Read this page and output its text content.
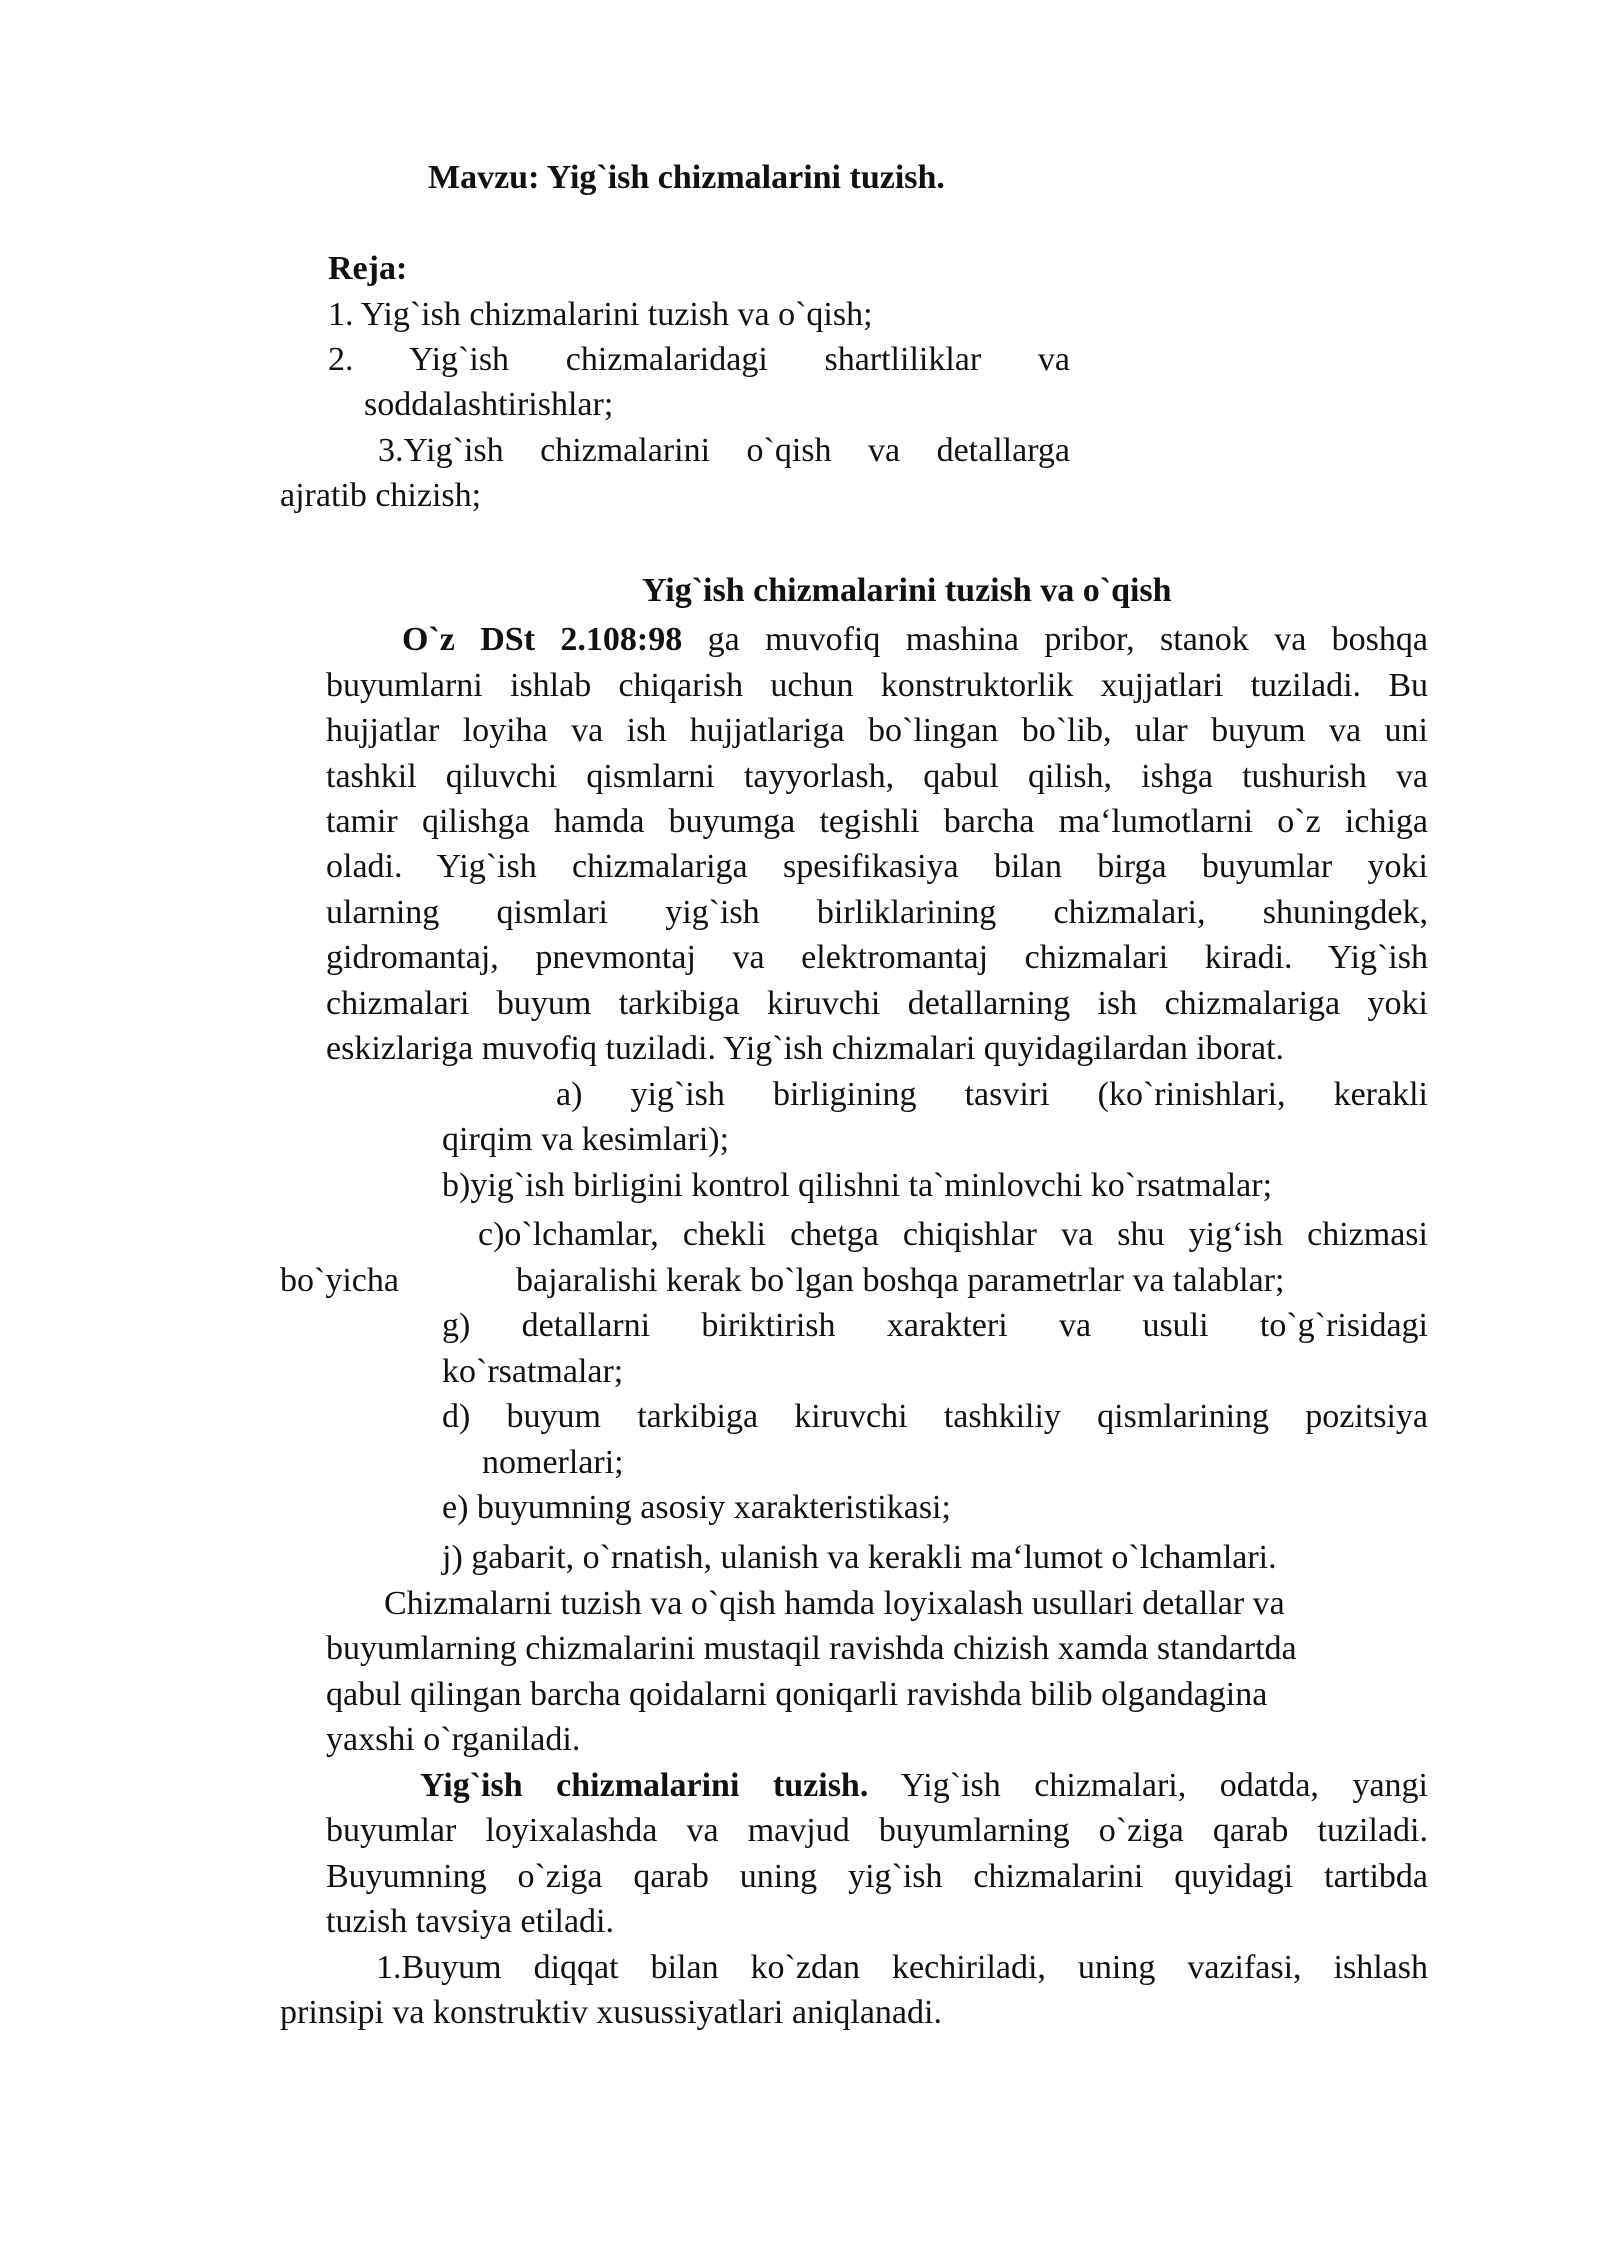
Mavzu: Yig`ish chizmalarini tuzish.
Reja:
1. Yig`ish chizmalarini tuzish va o`qish;
2. Yig`ish chizmalaridagi shartliliklar va
soddalashtirishlar;
3.Yig`ish chizmalarini o`qish va detallarga
ajratib chizish;
Yig`ish chizmalarini tuzish va o`qish
O`z DSt 2.108:98 ga muvofiq mashina pribor, stanok va boshqa
buyumlarni ishlab chiqarish uchun konstruktorlik xujjatlari tuziladi. Bu
hujjatlar loyiha va ish hujjatlariga bo`lingan bo`lib, ular buyum va uni
tashkil qiluvchi qismlarni tayyorlash, qabul qilish, ishga tushurish va
tamir qilishga hamda buyumga tegishli barcha ma‘lumotlarni o`z ichiga
oladi. Yig`ish chizmalariga spesifikasiya bilan birga buyumlar yoki
ularning qismlari yig`ish birliklarining chizmalari, shuningdek,
gidromantaj, pnevmontaj va elektromantaj chizmalari kiradi. Yig`ish
chizmalari buyum tarkibiga kiruvchi detallarning ish chizmalariga yoki
eskizlariga muvofiq tuziladi. Yig`ish chizmalari quyidagilardan iborat.
a) yig`ish birligining tasviri (ko`rinishlari, kerakli
qirqim va kesimlari);
b)yig`ish birligini kontrol qilishni ta`minlovchi ko`rsatmalar;
c)o`lchamlar, chekli chetga chiqishlar va shu yig‘ish chizmasi
bo`yicha	bajaralishi kerak bo`lgan boshqa parametrlar va talablar;
g) detallarni biriktirish xarakteri va usuli to`g`risidagi
ko`rsatmalar;
d) buyum tarkibiga kiruvchi tashkiliy qismlarining pozitsiya
nomerlari;
e) buyumning asosiy xarakteristikasi;
j) gabarit, o`rnatish, ulanish va kerakli ma‘lumot o`lchamlari.
Chizmalarni tuzish va o`qish hamda loyixalash usullari detallar va
buyumlarning chizmalarini mustaqil ravishda chizish xamda standartda
qabul qilingan barcha qoidalarni qoniqarli ravishda bilib olgandagina
yaxshi o`rganiladi.
Yig`ish chizmalarini tuzish. Yig`ish chizmalari, odatda, yangi
buyumlar loyixalashda va mavjud buyumlarning o`ziga qarab tuziladi.
Buyumning o`ziga qarab uning yig`ish chizmalarini quyidagi tartibda
tuzish tavsiya etiladi.
1.Buyum diqqat bilan ko`zdan kechiriladi, uning vazifasi, ishlash
prinsipi va konstruktiv xusussiyatlari aniqlanadi.
